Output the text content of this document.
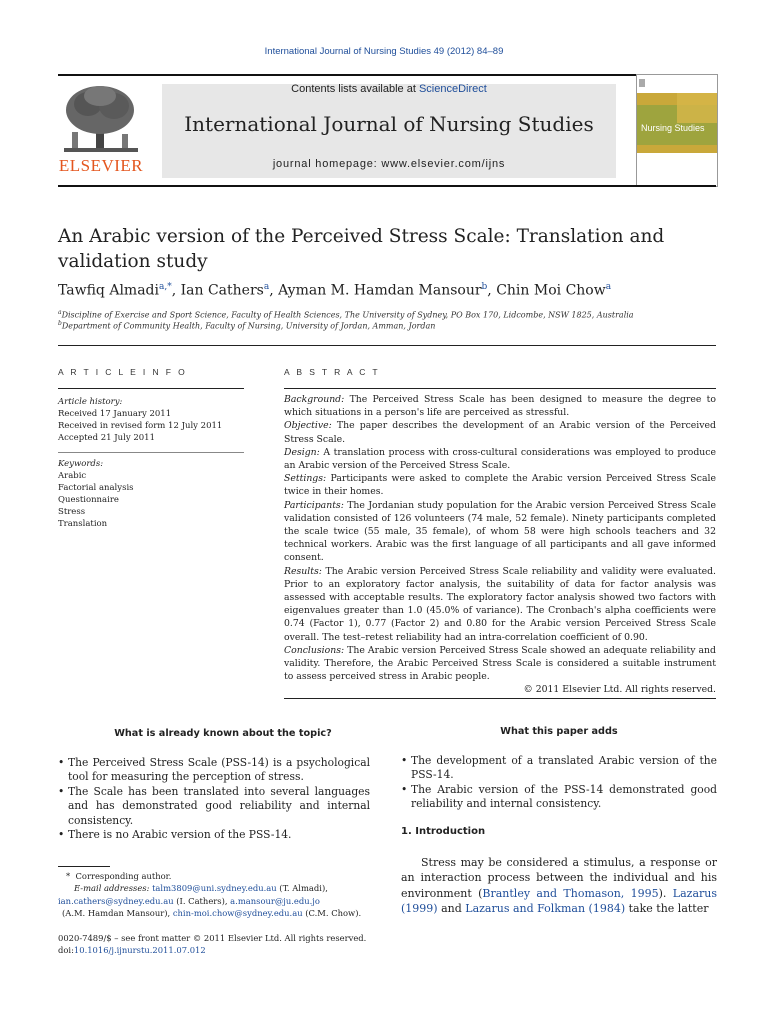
International Journal of Nursing Studies 49 (2012) 84–89
ELSEVIER
Contents lists available at ScienceDirect
International Journal of Nursing Studies
journal homepage: www.elsevier.com/ijns
Nursing Studies
An Arabic version of the Perceived Stress Scale: Translation and validation study
Tawfiq Almadi$^{a,*}$, Ian Cathers$^a$, Ayman M. Hamdan Mansour$^b$, Chin Moi Chow$^a$
$^a$Discipline of Exercise and Sport Science, Faculty of Health Sciences, The University of Sydney, PO Box 170, Lidcombe, NSW 1825, Australia
$^b$Department of Community Health, Faculty of Nursing, University of Jordan, Amman, Jordan
A R T I C L E I N F O
Article history:
Received 17 January 2011
Received in revised form 12 July 2011
Accepted 21 July 2011
Keywords:
Arabic
Factorial analysis
Questionnaire
Stress
Translation
A B S T R A C T

Background: The Perceived Stress Scale has been designed to measure the degree to which situations in a person's life are perceived as stressful.

Objective: The paper describes the development of an Arabic version of the Perceived Stress Scale.

Design: A translation process with cross-cultural considerations was employed to produce an Arabic version of the Perceived Stress Scale.

Settings: Participants were asked to complete the Arabic version Perceived Stress Scale twice in their homes.

Participants: The Jordanian study population for the Arabic version Perceived Stress Scale validation consisted of 126 volunteers (74 male, 52 female). Ninety participants completed the scale twice (55 male, 35 female), of whom 58 were high schools teachers and 32 technical workers. Arabic was the first language of all participants and all gave informed consent.

Results: The Arabic version Perceived Stress Scale reliability and validity were evaluated. Prior to an exploratory factor analysis, the suitability of data for factor analysis was assessed with acceptable results. The exploratory factor analysis showed two factors with eigenvalues greater than 1.0 (45.0% of variance). The Cronbach's alpha coefficients were 0.74 (Factor 1), 0.77 (Factor 2) and 0.80 for the Arabic version Perceived Stress Scale overall. The test–retest reliability had an intra-correlation coefficient of 0.90.

Conclusions: The Arabic version Perceived Stress Scale showed an adequate reliability and validity. Therefore, the Arabic Perceived Stress Scale is considered a suitable instrument to assess perceived stress in Arabic people.

© 2011 Elsevier Ltd. All rights reserved.

What is already known about the topic?
• The Perceived Stress Scale (PSS-14) is a psychological tool for measuring the perception of stress.
• The Scale has been translated into several languages and has demonstrated good reliability and internal consistency.
• There is no Arabic version of the PSS-14.
What this paper adds
• The development of a translated Arabic version of the PSS-14.
• The Arabic version of the PSS-14 demonstrated good reliability and internal consistency.
1. Introduction
Stress may be considered a stimulus, a response or an interaction process between the individual and his environment (Brantley and Thomason, 1995). Lazarus (1999) and Lazarus and Folkman (1984) take the latter
* Corresponding author.
E-mail addresses: talm3809@uni.sydney.edu.au (T. Almadi),
ian.cathers@sydney.edu.au (I. Cathers), a.mansour@ju.edu.jo
(A.M. Hamdan Mansour), chin-moi.chow@sydney.edu.au (C.M. Chow).
0020-7489/$ – see front matter © 2011 Elsevier Ltd. All rights reserved.
doi:10.1016/j.ijnurstu.2011.07.012
